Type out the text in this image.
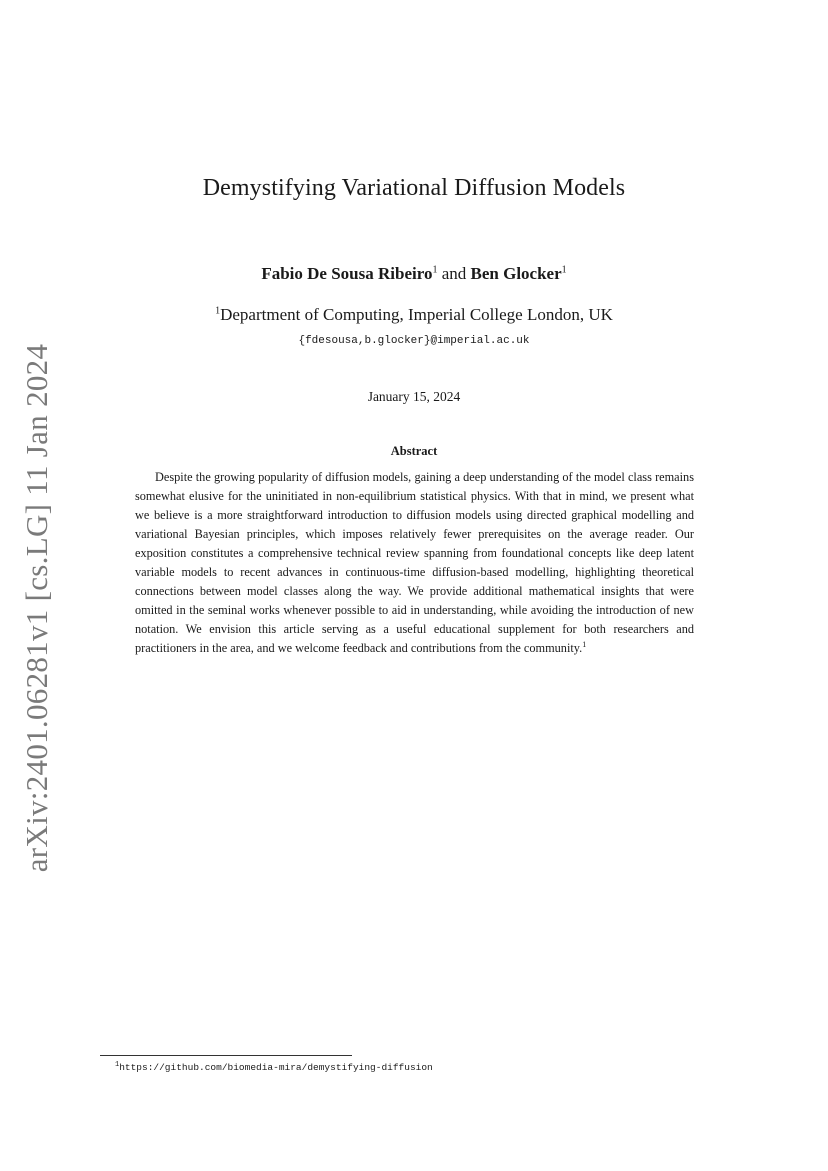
arXiv:2401.06281v1 [cs.LG] 11 Jan 2024
Demystifying Variational Diffusion Models
Fabio De Sousa Ribeiro$^1$ and Ben Glocker$^1$
$^1$Department of Computing, Imperial College London, UK
{fdesousa,b.glocker}@imperial.ac.uk
January 15, 2024
Abstract

Despite the growing popularity of diffusion models, gaining a deep understanding of the model class remains somewhat elusive for the uninitiated in non-equilibrium statistical physics. With that in mind, we present what we believe is a more straightforward introduction to diffusion models using directed graphical modelling and variational Bayesian principles, which imposes relatively fewer prerequisites on the average reader. Our exposition constitutes a comprehensive technical review spanning from foundational concepts like deep latent variable models to recent advances in continuous-time diffusion-based modelling, highlighting theoretical connections between model classes along the way. We provide additional mathematical insights that were omitted in the seminal works whenever possible to aid in understanding, while avoiding the introduction of new notation. We envision this article serving as a useful educational supplement for both researchers and practitioners in the area, and we welcome feedback and contributions from the community.$^1$

$^1$https://github.com/biomedia-mira/demystifying-diffusion
